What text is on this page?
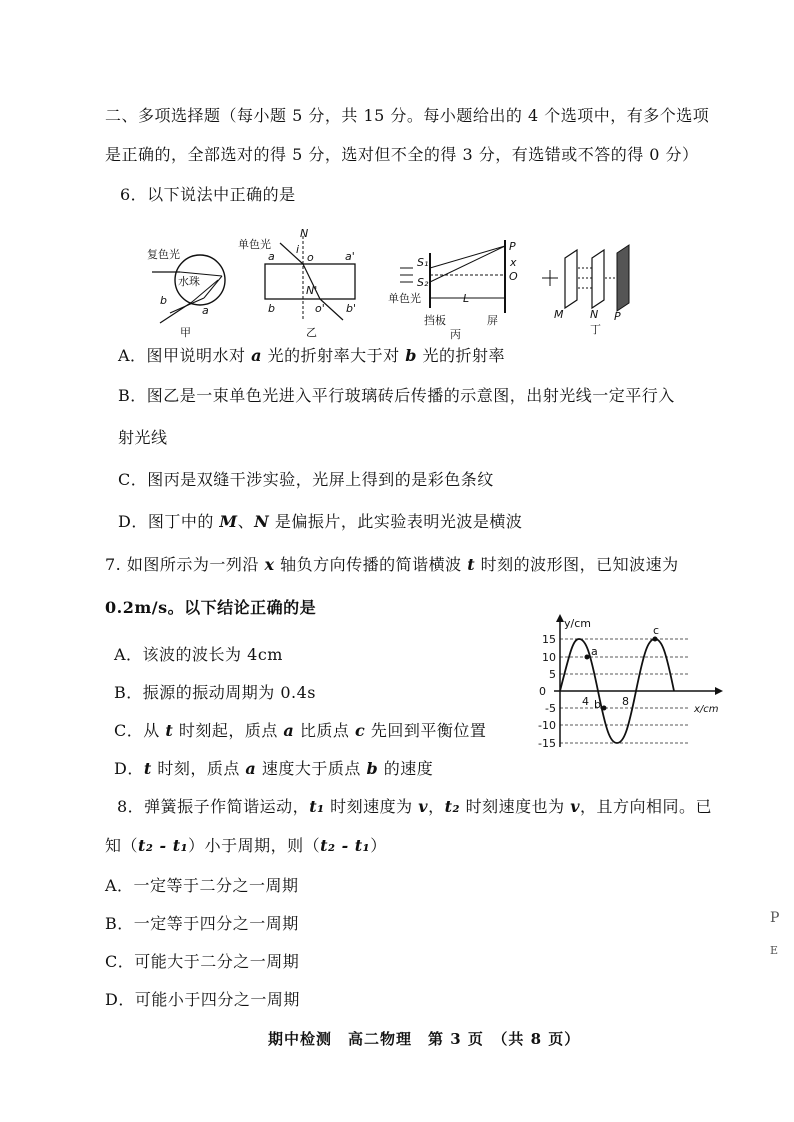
二、多项选择题（每小题 5 分，共 15 分。每小题给出的 4 个选项中，有多个选项
是正确的，全部选对的得 5 分，选对但不全的得 3 分，有选错或不答的得 0 分）
6．以下说法中正确的是
复色光
水珠
a
b
甲
单色光
N
i
o
a	a'
N'
b	o' b'
乙
S₁
S₂
P
x
O
L
单色光
挡板	屏
丙
M N P
丁
A．图甲说明水对 a 光的折射率大于对 b 光的折射率
B．图乙是一束单色光进入平行玻璃砖后传播的示意图，出射光线一定平行入
射光线
C．图丙是双缝干涉实验，光屏上得到的是彩色条纹
D．图丁中的 M、N 是偏振片，此实验表明光波是横波
7. 如图所示为一列沿 x 轴负方向传播的简谐横波 t 时刻的波形图，已知波速为
0.2m/s。以下结论正确的是
A．该波的波长为 4cm
B．振源的振动周期为 0.4s
C．从 t 时刻起，质点 a 比质点 c 先回到平衡位置
D．t 时刻，质点 a 速度大于质点 b 的速度
y/cm
x/cm
15
10
5
0
-5
-10
-15
4	8
a
b
c
8．弹簧振子作简谐运动，t₁ 时刻速度为 v，t₂ 时刻速度也为 v，且方向相同。已
知（t₂ - t₁）小于周期，则（t₂ - t₁）
A．一定等于二分之一周期
B．一定等于四分之一周期
C．可能大于二分之一周期
D．可能小于四分之一周期
期中检测　高二物理　第 3 页　（共 8 页）
P
E
